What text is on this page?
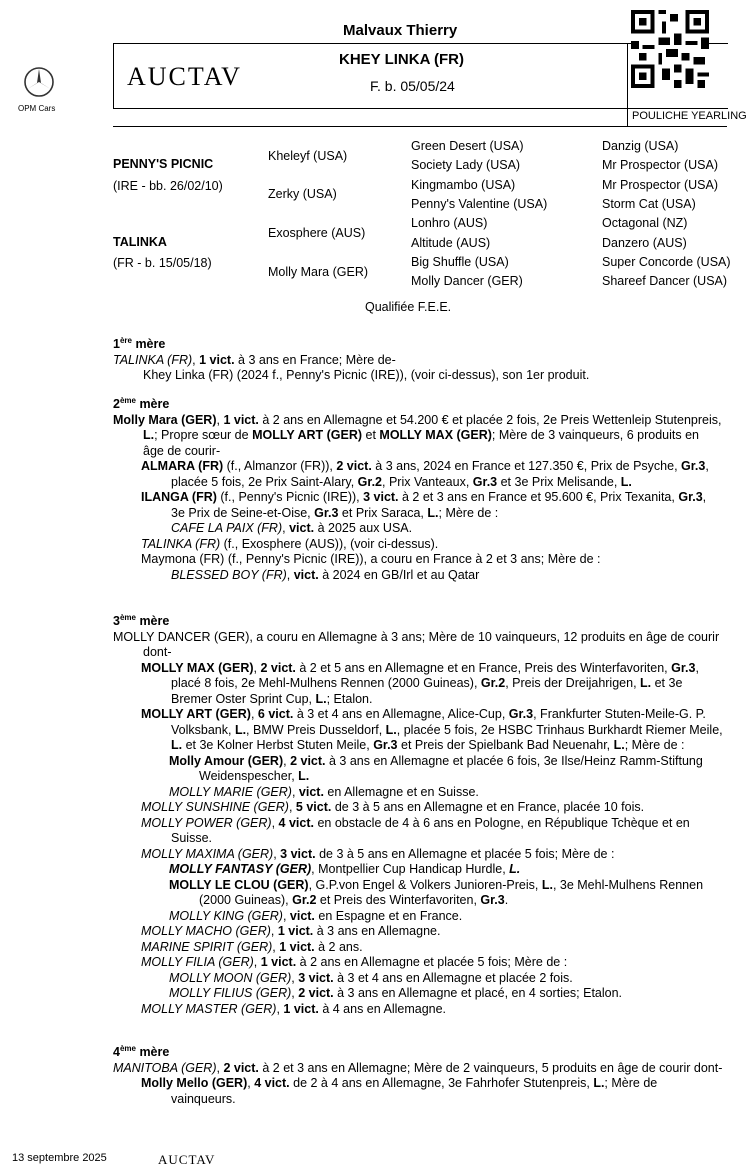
Malvaux Thierry
AUCTAV
KHEY LINKA (FR)
F. b. 05/05/24
POULICHE YEARLING
OPM Cars
PENNY'S PICNIC
(IRE - bb. 26/02/10)
TALINKA
(FR - b. 15/05/18)
Kheleyf (USA)
Zerky (USA)
Exosphere (AUS)
Molly Mara (GER)
Green Desert (USA)
Society Lady (USA)
Kingmambo (USA)
Penny's Valentine (USA)
Lonhro (AUS)
Altitude (AUS)
Big Shuffle (USA)
Molly Dancer (GER)
Danzig (USA)
Mr Prospector (USA)
Mr Prospector (USA)
Storm Cat (USA)
Octagonal (NZ)
Danzero (AUS)
Super Concorde (USA)
Shareef Dancer (USA)
Qualifiée F.E.E.

1ère mère

TALINKA (FR), 1 vict. à 3 ans en France; Mère de-
Khey Linka (FR) (2024 f., Penny's Picnic (IRE)), (voir ci-dessus), son 1er produit.

2ème mère

Molly Mara (GER), 1 vict. à 2 ans en Allemagne et 54.200 € et placée 2 fois, 2e Preis Wettenleip Stutenpreis, L.; Propre sœur de MOLLY ART (GER) et MOLLY MAX (GER); Mère de 3 vainqueurs, 6 produits en âge de courir-

ALMARA (FR) (f., Almanzor (FR)), 2 vict. à 3 ans, 2024 en France et 127.350 €, Prix de Psyche, Gr.3, placée 5 fois, 2e Prix Saint-Alary, Gr.2, Prix Vanteaux, Gr.3 et 3e Prix Melisande, L.

ILANGA (FR) (f., Penny's Picnic (IRE)), 3 vict. à 2 et 3 ans en France et 95.600 €, Prix Texanita, Gr.3, 3e Prix de Seine-et-Oise, Gr.3 et Prix Saraca, L.; Mère de :
CAFE LA PAIX (FR), vict. à 2025 aux USA.

TALINKA (FR) (f., Exosphere (AUS)), (voir ci-dessus).

Maymona (FR) (f., Penny's Picnic (IRE)), a couru en France à 2 et 3 ans; Mère de :
BLESSED BOY (FR), vict. à 2024 en GB/Irl et au Qatar

3ème mère

MOLLY DANCER (GER), a couru en Allemagne à 3 ans; Mère de 10 vainqueurs, 12 produits en âge de courir dont-

MOLLY MAX (GER), 2 vict. à 2 et 5 ans en Allemagne et en France, Preis des Winterfavoriten, Gr.3, placé 8 fois, 2e Mehl-Mulhens Rennen (2000 Guineas), Gr.2, Preis der Dreijahrigen, L. et 3e Bremer Oster Sprint Cup, L.; Etalon.

MOLLY ART (GER), 6 vict. à 3 et 4 ans en Allemagne, Alice-Cup, Gr.3, Frankfurter Stuten-Meile-G. P. Volksbank, L., BMW Preis Dusseldorf, L., placée 5 fois, 2e HSBC Trinhaus Burkhardt Riemer Meile, L. et 3e Kolner Herbst Stuten Meile, Gr.3 et Preis der Spielbank Bad Neuenahr, L.; Mère de :

Molly Amour (GER), 2 vict. à 3 ans en Allemagne et placée 6 fois, 3e Ilse/Heinz Ramm-Stiftung Weidenspescher, L.

MOLLY MARIE (GER), vict. en Allemagne et en Suisse.

MOLLY SUNSHINE (GER), 5 vict. de 3 à 5 ans en Allemagne et en France, placée 10 fois.

MOLLY POWER (GER), 4 vict. en obstacle de 4 à 6 ans en Pologne, en République Tchèque et en Suisse.

MOLLY MAXIMA (GER), 3 vict. de 3 à 5 ans en Allemagne et placée 5 fois; Mère de :

MOLLY FANTASY (GER), Montpellier Cup Handicap Hurdle, L.

MOLLY LE CLOU (GER), G.P.von Engel & Volkers Junioren-Preis, L., 3e Mehl-Mulhens Rennen (2000 Guineas), Gr.2 et Preis des Winterfavoriten, Gr.3.

MOLLY KING (GER), vict. en Espagne et en France.

MOLLY MACHO (GER), 1 vict. à 3 ans en Allemagne.

MARINE SPIRIT (GER), 1 vict. à 2 ans.

MOLLY FILIA (GER), 1 vict. à 2 ans en Allemagne et placée 5 fois; Mère de :

MOLLY MOON (GER), 3 vict. à 3 et 4 ans en Allemagne et placée 2 fois.

MOLLY FILIUS (GER), 2 vict. à 3 ans en Allemagne et placé, en 4 sorties; Etalon.

MOLLY MASTER (GER), 1 vict. à 4 ans en Allemagne.

4ème mère

MANITOBA (GER), 2 vict. à 2 et 3 ans en Allemagne; Mère de 2 vainqueurs, 5 produits en âge de courir dont-

Molly Mello (GER), 4 vict. de 2 à 4 ans en Allemagne, 3e Fahrhofer Stutenpreis, L.; Mère de vainqueurs.

13 septembre 2025	AUCTAV
